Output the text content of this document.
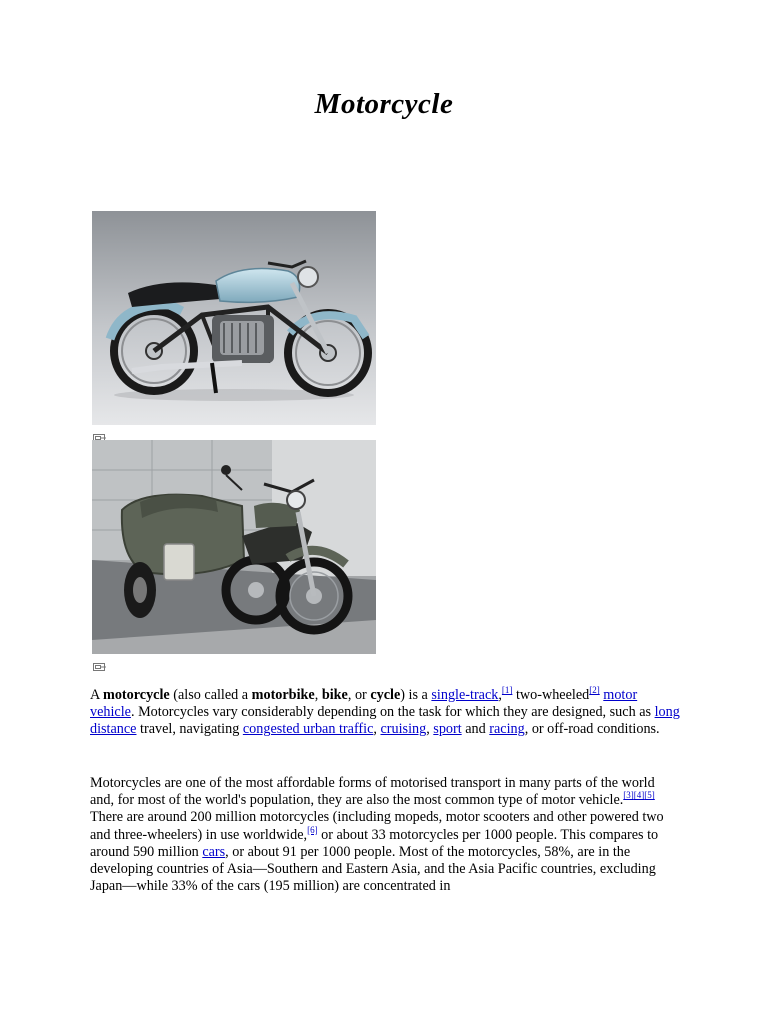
Motorcycle

A motorcycle (also called a motorbike, bike, or cycle) is a single-track,[1] two-wheeled[2] motor vehicle. Motorcycles vary considerably depending on the task for which they are designed, such as long distance travel, navigating congested urban traffic, cruising, sport and racing, or off-road conditions.

Motorcycles are one of the most affordable forms of motorised transport in many parts of the world and, for most of the world's population, they are also the most common type of motor vehicle.[3][4][5] There are around 200 million motorcycles (including mopeds, motor scooters and other powered two and three-wheelers) in use worldwide,[6] or about 33 motorcycles per 1000 people. This compares to around 590 million cars, or about 91 per 1000 people. Most of the motorcycles, 58%, are in the developing countries of Asia—Southern and Eastern Asia, and the Asia Pacific countries, excluding Japan—while 33% of the cars (195 million) are concentrated in
